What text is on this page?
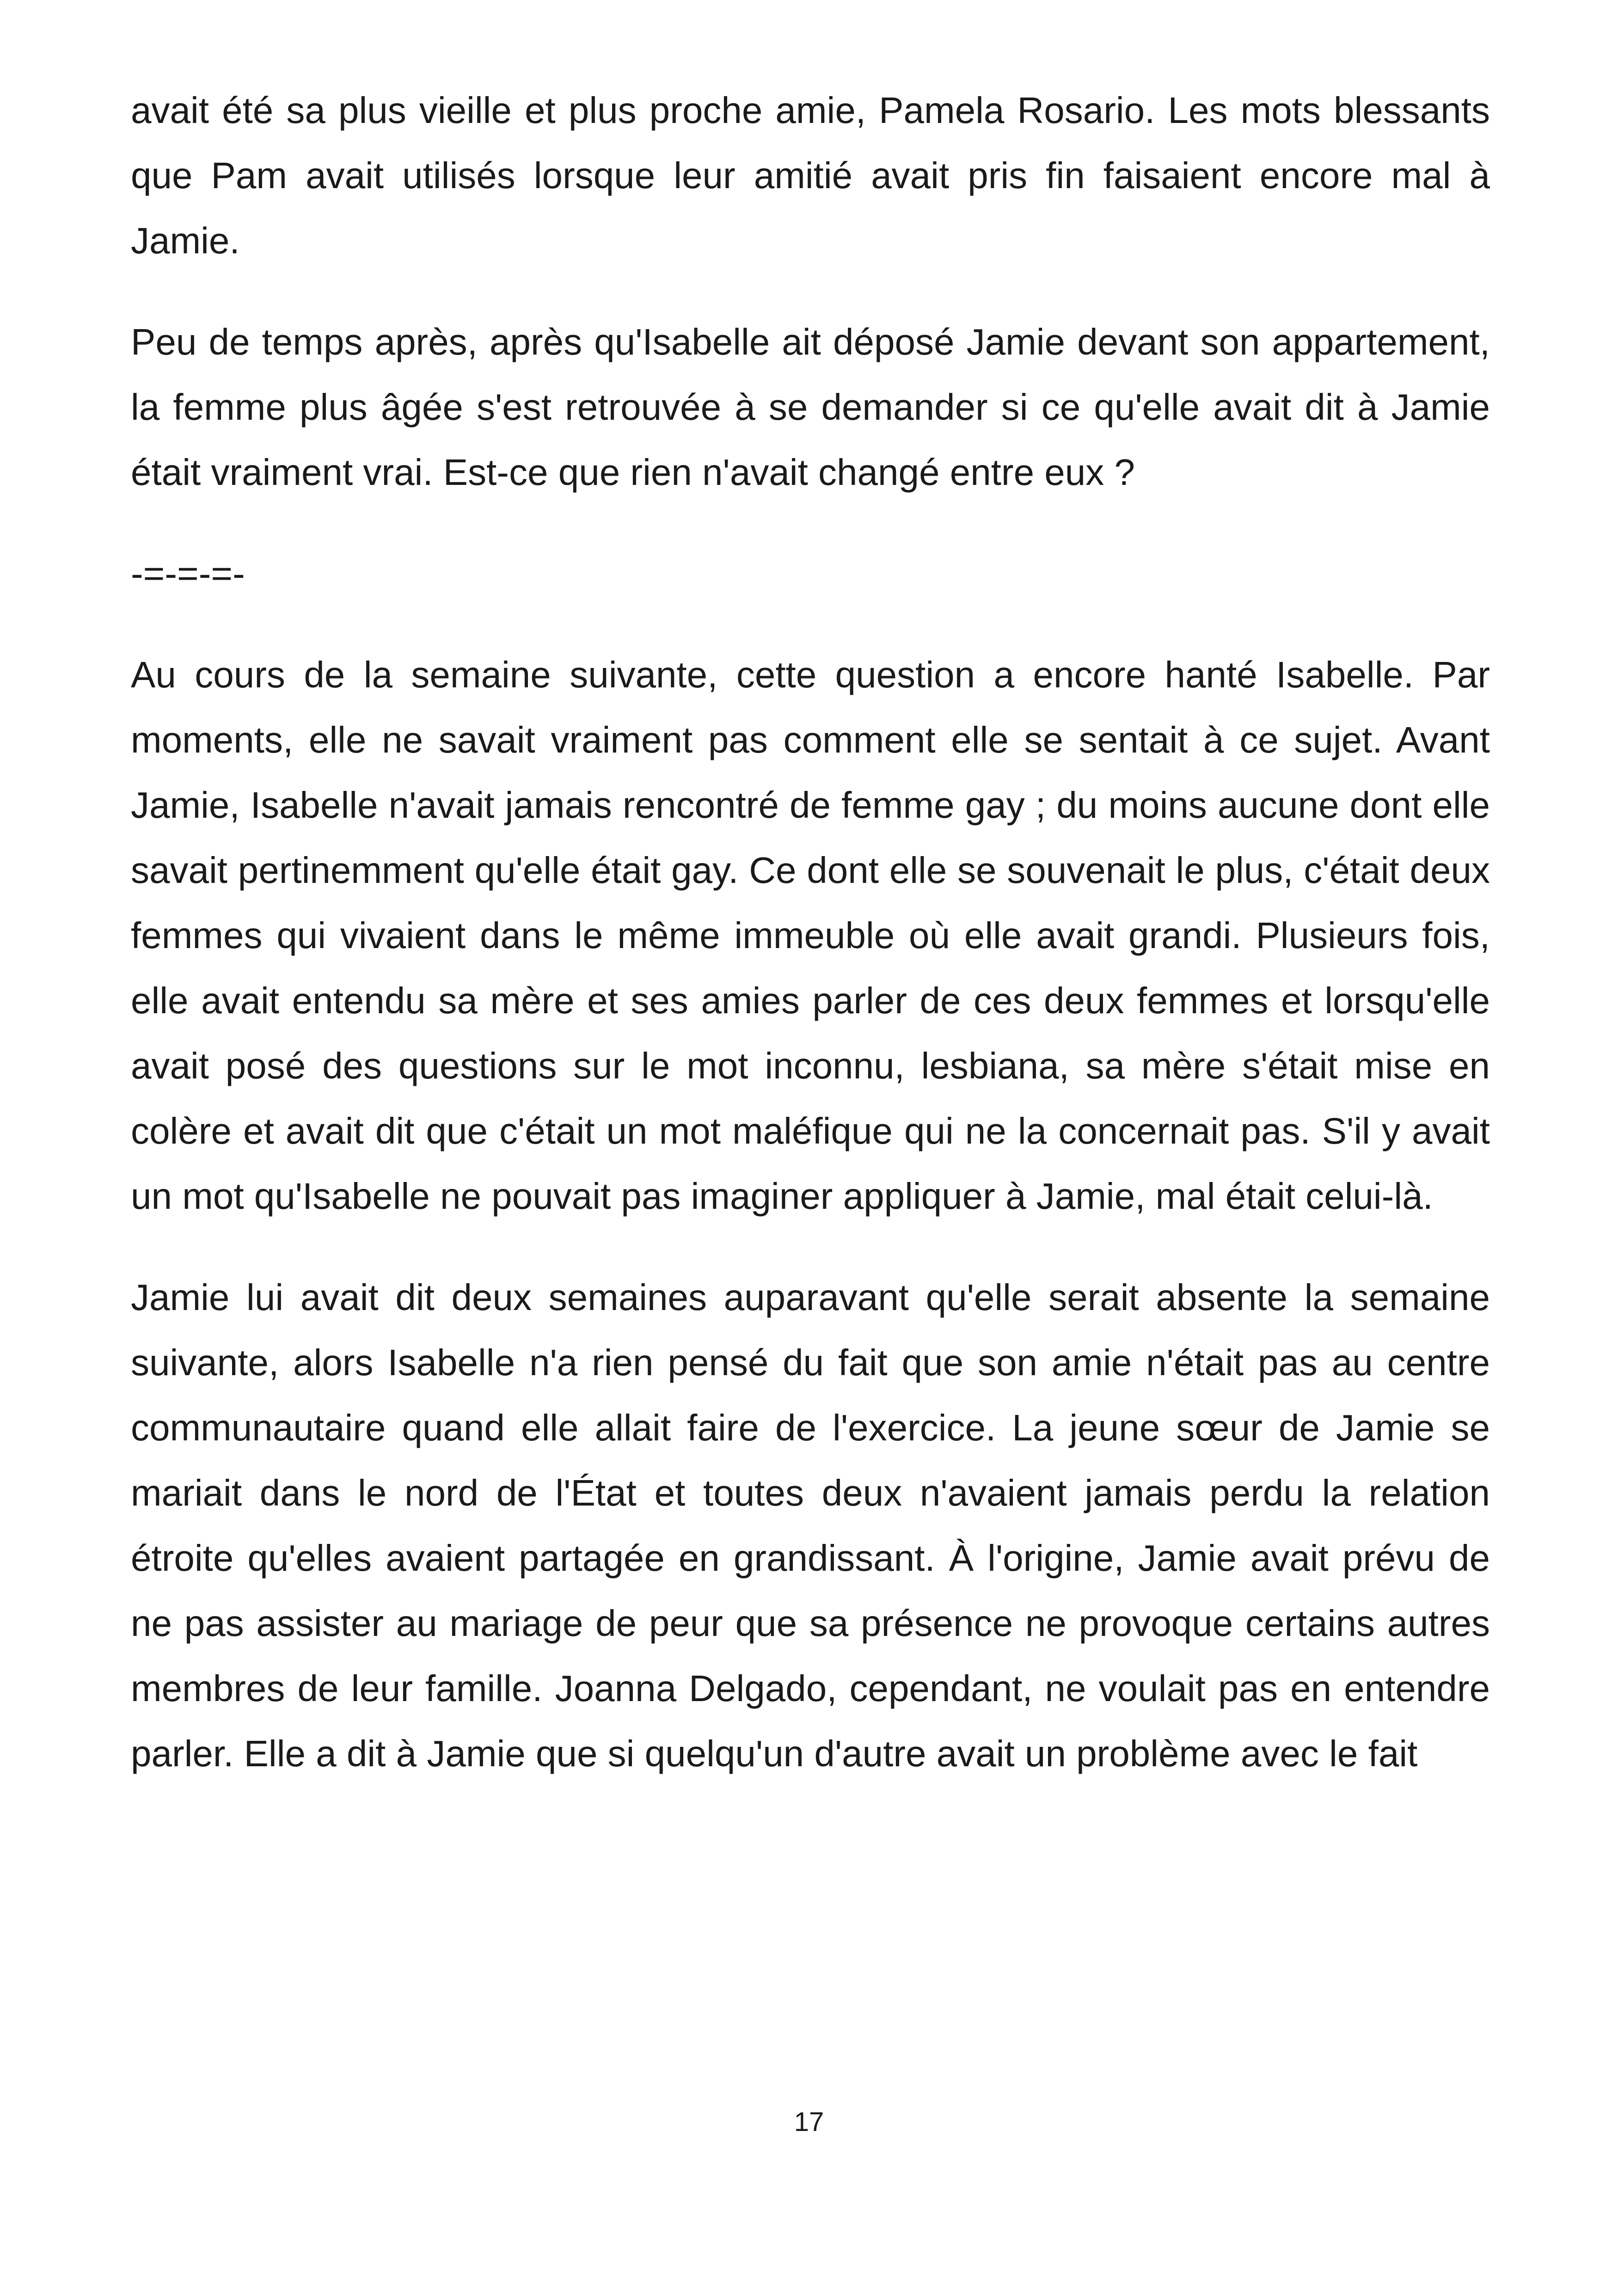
avait été sa plus vieille et plus proche amie, Pamela Rosario. Les mots blessants que Pam avait utilisés lorsque leur amitié avait pris fin faisaient encore mal à Jamie.

Peu de temps après, après qu'Isabelle ait déposé Jamie devant son appartement, la femme plus âgée s'est retrouvée à se demander si ce qu'elle avait dit à Jamie était vraiment vrai. Est-ce que rien n'avait changé entre eux ?

-=-=-=-

Au cours de la semaine suivante, cette question a encore hanté Isabelle. Par moments, elle ne savait vraiment pas comment elle se sentait à ce sujet. Avant Jamie, Isabelle n'avait jamais rencontré de femme gay ; du moins aucune dont elle savait pertinemment qu'elle était gay. Ce dont elle se souvenait le plus, c'était deux femmes qui vivaient dans le même immeuble où elle avait grandi. Plusieurs fois, elle avait entendu sa mère et ses amies parler de ces deux femmes et lorsqu'elle avait posé des questions sur le mot inconnu, lesbiana, sa mère s'était mise en colère et avait dit que c'était un mot maléfique qui ne la concernait pas. S'il y avait un mot qu'Isabelle ne pouvait pas imaginer appliquer à Jamie, mal était celui-là.

Jamie lui avait dit deux semaines auparavant qu'elle serait absente la semaine suivante, alors Isabelle n'a rien pensé du fait que son amie n'était pas au centre communautaire quand elle allait faire de l'exercice. La jeune sœur de Jamie se mariait dans le nord de l'État et toutes deux n'avaient jamais perdu la relation étroite qu'elles avaient partagée en grandissant. À l'origine, Jamie avait prévu de ne pas assister au mariage de peur que sa présence ne provoque certains autres membres de leur famille. Joanna Delgado, cependant, ne voulait pas en entendre parler. Elle a dit à Jamie que si quelqu'un d'autre avait un problème avec le fait

17
